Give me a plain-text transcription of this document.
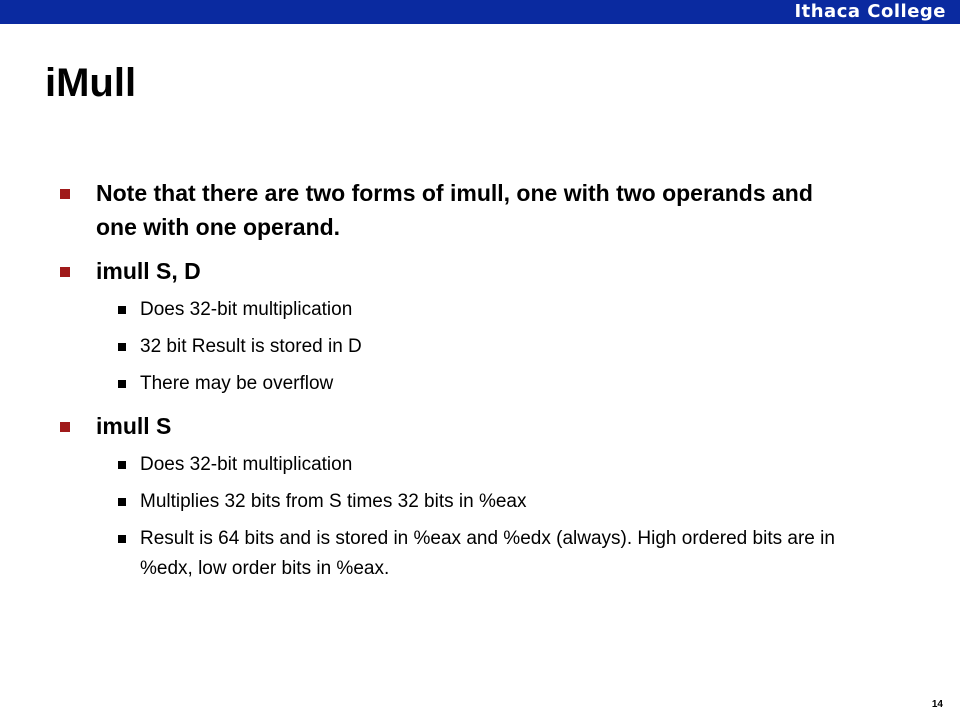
Ithaca College
iMull
Note that there are two forms of imull, one with two operands and one with one operand.
imull S, D
Does 32-bit multiplication
32 bit Result is stored in D
There may be overflow
imull S
Does 32-bit multiplication
Multiplies 32 bits from S times 32 bits in %eax
Result is 64 bits and is stored in %eax and %edx (always). High ordered bits are in %edx, low order bits in %eax.
14
